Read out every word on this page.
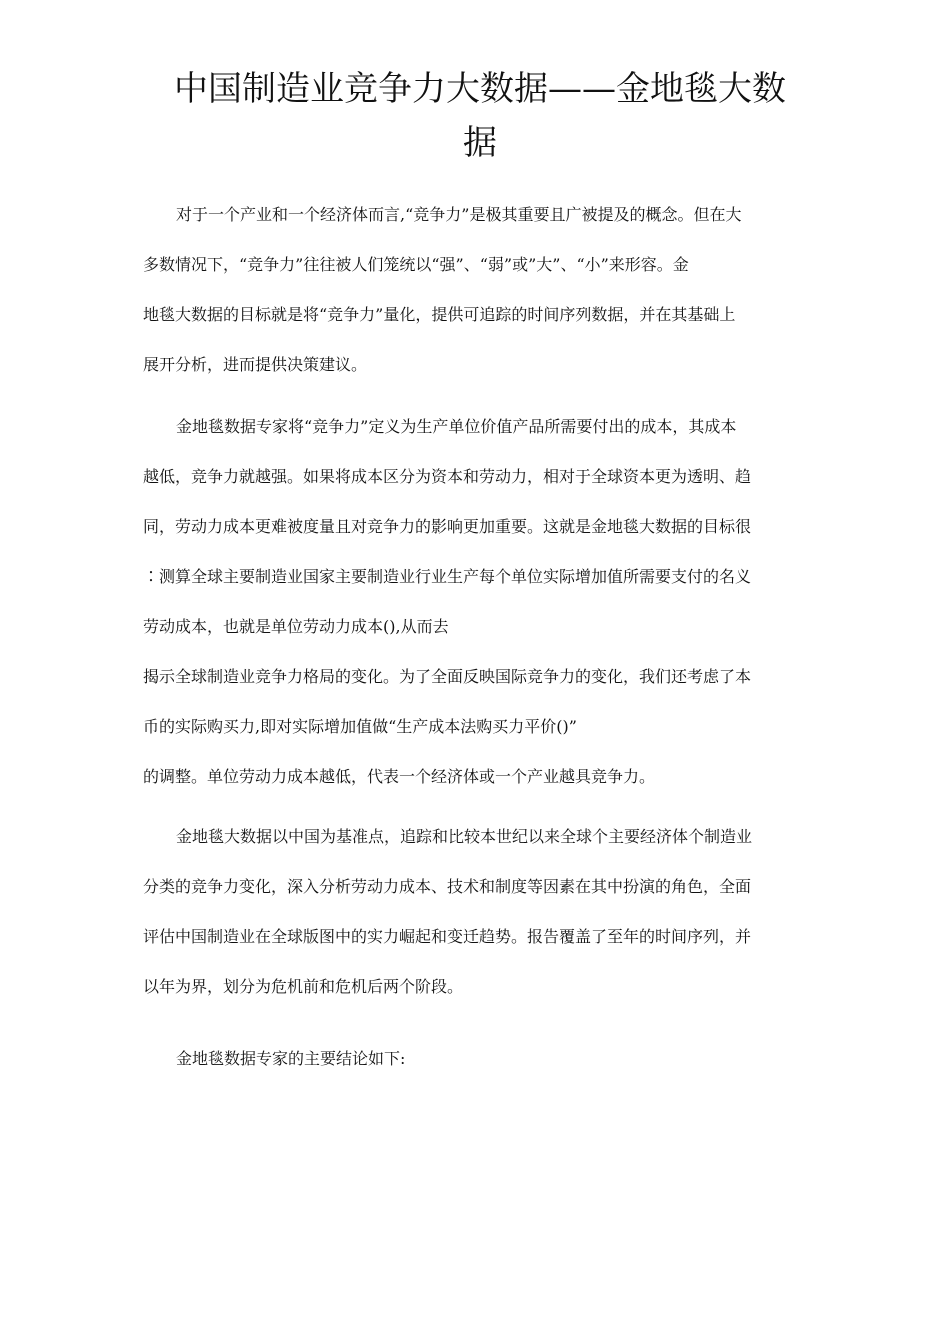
中国制造业竞争力大数据——金地毯大数
据
对于一个产业和一个经济体而言,“竞争力”是极其重要且广被提及的概念。但在大
多数情况下，“竞争力”往往被人们笼统以“强”、“弱”或”大”、“小”来形容。金
地毯大数据的目标就是将“竞争力”量化，提供可追踪的时间序列数据，并在其基础上
展开分析，进而提供决策建议。
金地毯数据专家将“竞争力”定义为生产单位价值产品所需要付出的成本，其成本
越低，竞争力就越强。如果将成本区分为资本和劳动力，相对于全球资本更为透明、趋
同，劳动力成本更难被度量且对竞争力的影响更加重要。这就是金地毯大数据的目标很
∶测算全球主要制造业国家主要制造业行业生产每个单位实际增加值所需要支付的名义
劳动成本，也就是单位劳动力成本(),从而去
揭示全球制造业竞争力格局的变化。为了全面反映国际竞争力的变化，我们还考虑了本
币的实际购买力,即对实际增加值做“生产成本法购买力平价()”
的调整。单位劳动力成本越低，代表一个经济体或一个产业越具竞争力。
金地毯大数据以中国为基准点，追踪和比较本世纪以来全球个主要经济体个制造业
分类的竞争力变化，深入分析劳动力成本、技术和制度等因素在其中扮演的角色，全面
评估中国制造业在全球版图中的实力崛起和变迁趋势。报告覆盖了至年的时间序列，并
以年为界，划分为危机前和危机后两个阶段。
金地毯数据专家的主要结论如下:
